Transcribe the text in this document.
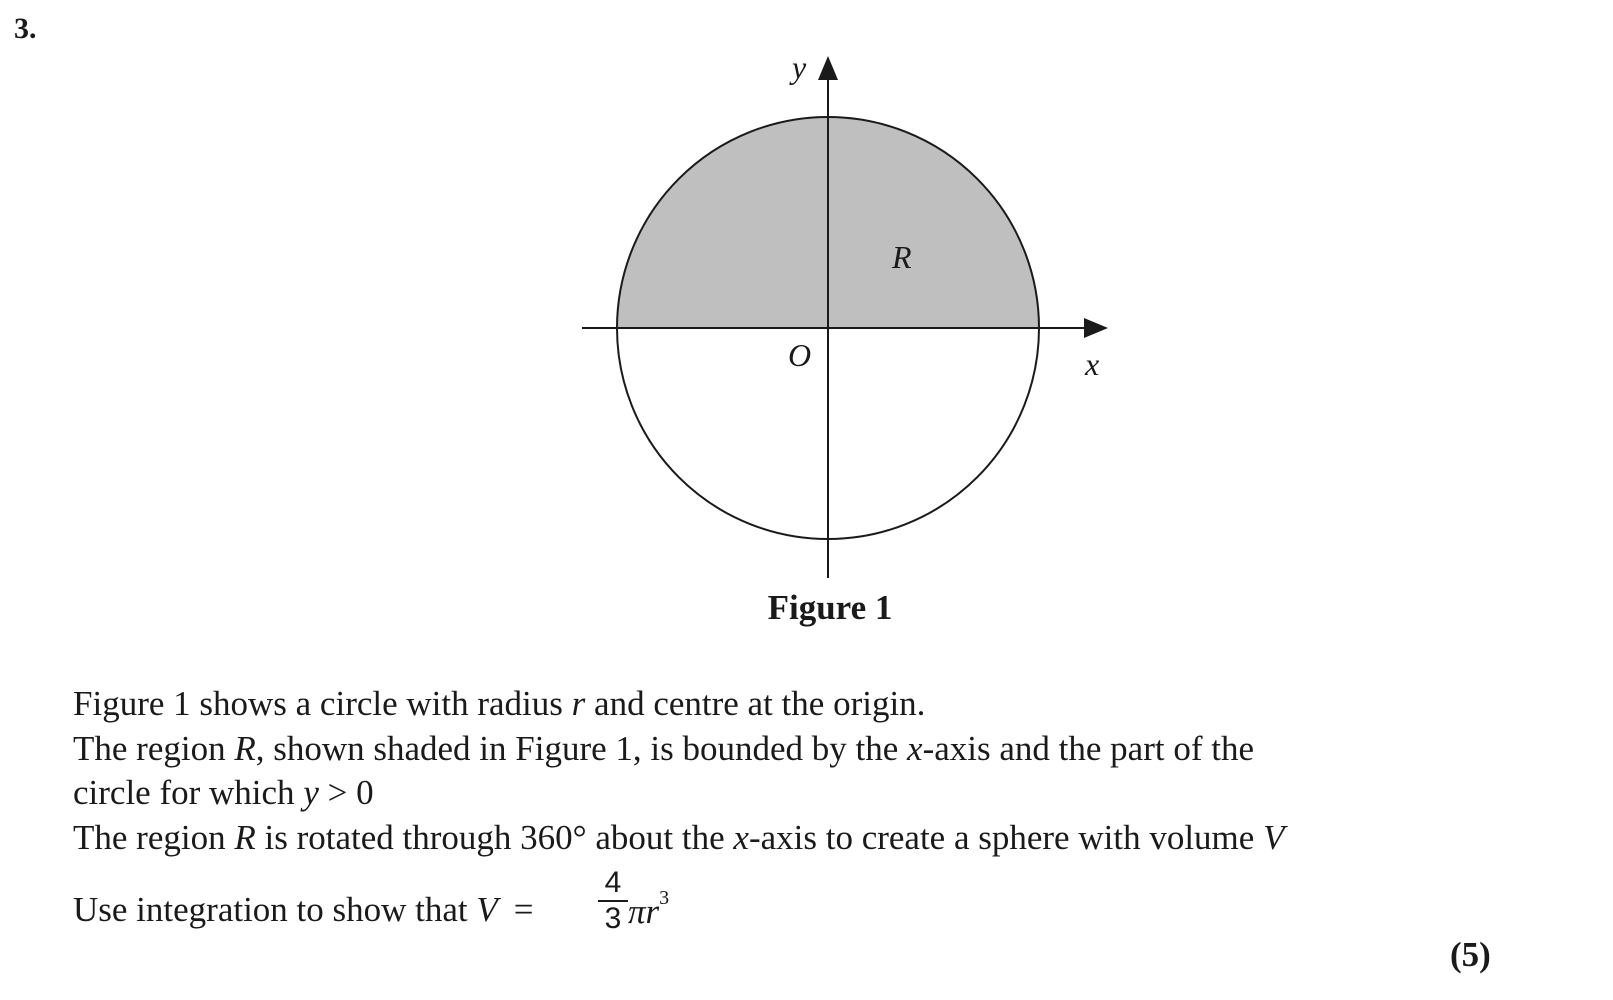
3.
y
x
O
R
Figure 1

Figure 1 shows a circle with radius r and centre at the origin.

The region R, shown shaded in Figure 1, is bounded by the x-axis and the part of the

circle for which y > 0

The region R is rotated through 360° about the x-axis to create a sphere with volume V

Use integration to show that $V = \frac{4}{3} \pi r^3$
(5)
